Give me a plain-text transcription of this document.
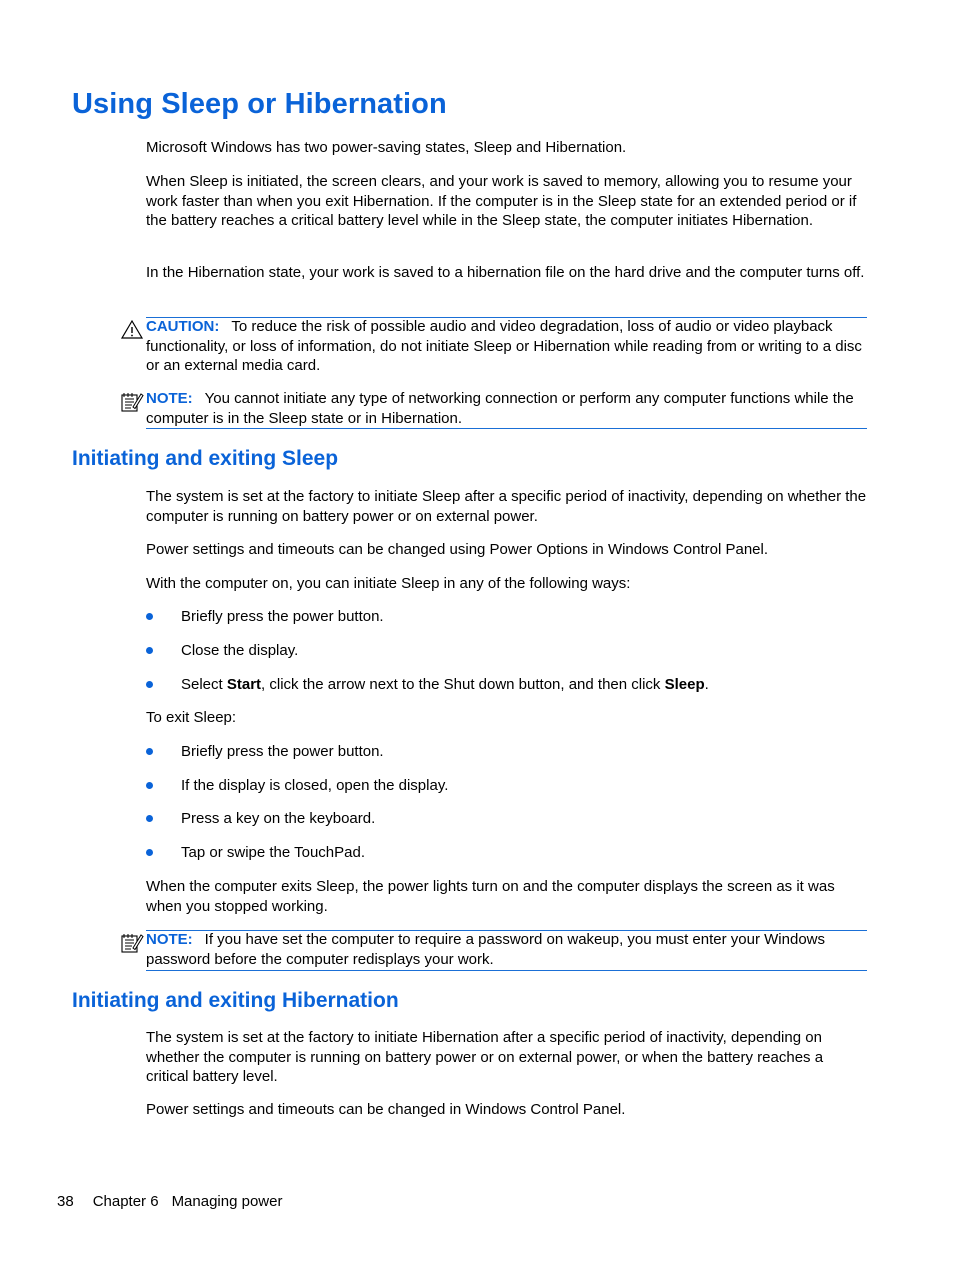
Using Sleep or Hibernation
Microsoft Windows has two power-saving states, Sleep and Hibernation.
When Sleep is initiated, the screen clears, and your work is saved to memory, allowing you to resume your work faster than when you exit Hibernation. If the computer is in the Sleep state for an extended period or if the battery reaches a critical battery level while in the Sleep state, the computer initiates Hibernation.
In the Hibernation state, your work is saved to a hibernation file on the hard drive and the computer turns off.
CAUTION: To reduce the risk of possible audio and video degradation, loss of audio or video playback functionality, or loss of information, do not initiate Sleep or Hibernation while reading from or writing to a disc or an external media card.
NOTE: You cannot initiate any type of networking connection or perform any computer functions while the computer is in the Sleep state or in Hibernation.
Initiating and exiting Sleep
The system is set at the factory to initiate Sleep after a specific period of inactivity, depending on whether the computer is running on battery power or on external power.
Power settings and timeouts can be changed using Power Options in Windows Control Panel.
With the computer on, you can initiate Sleep in any of the following ways:
Briefly press the power button.
Close the display.
Select Start, click the arrow next to the Shut down button, and then click Sleep.
To exit Sleep:
Briefly press the power button.
If the display is closed, open the display.
Press a key on the keyboard.
Tap or swipe the TouchPad.
When the computer exits Sleep, the power lights turn on and the computer displays the screen as it was when you stopped working.
NOTE: If you have set the computer to require a password on wakeup, you must enter your Windows password before the computer redisplays your work.
Initiating and exiting Hibernation
The system is set at the factory to initiate Hibernation after a specific period of inactivity, depending on whether the computer is running on battery power or on external power, or when the battery reaches a critical battery level.
Power settings and timeouts can be changed in Windows Control Panel.
38 Chapter 6 Managing power
